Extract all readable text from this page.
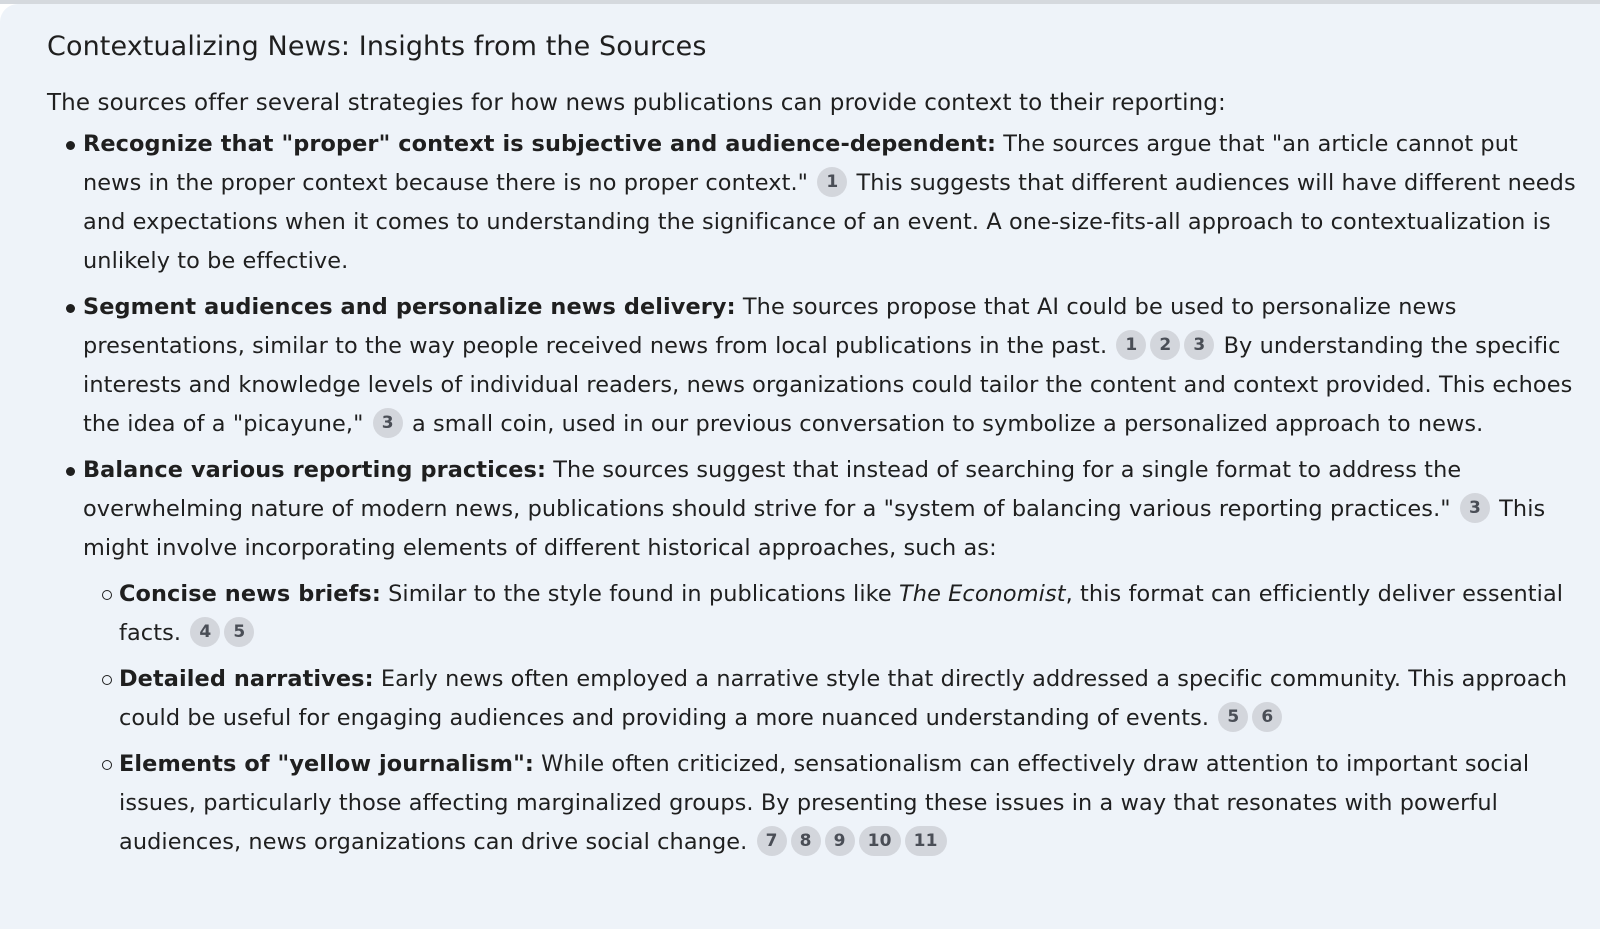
Contextualizing News: Insights from the Sources

The sources offer several strategies for how news publications can provide context to their reporting:

Recognize that "proper" context is subjective and audience-dependent: The sources argue that "an article cannot put news in the proper context because there is no proper context." 1 This suggests that different audiences will have different needs and expectations when it comes to understanding the significance of an event. A one-size-fits-all approach to contextualization is unlikely to be effective.
Segment audiences and personalize news delivery: The sources propose that AI could be used to personalize news presentations, similar to the way people received news from local publications in the past. 1 2 3 By understanding the specific interests and knowledge levels of individual readers, news organizations could tailor the content and context provided. This echoes the idea of a "picayune," 3 a small coin, used in our previous conversation to symbolize a personalized approach to news.
Balance various reporting practices: The sources suggest that instead of searching for a single format to address the overwhelming nature of modern news, publications should strive for a "system of balancing various reporting practices." 3 This might involve incorporating elements of different historical approaches, such as:
Concise news briefs: Similar to the style found in publications like The Economist, this format can efficiently deliver essential facts. 4 5
Detailed narratives: Early news often employed a narrative style that directly addressed a specific community. This approach could be useful for engaging audiences and providing a more nuanced understanding of events. 5 6
Elements of "yellow journalism": While often criticized, sensationalism can effectively draw attention to important social issues, particularly those affecting marginalized groups. By presenting these issues in a way that resonates with powerful audiences, news organizations can drive social change. 7 8 9 10 11
